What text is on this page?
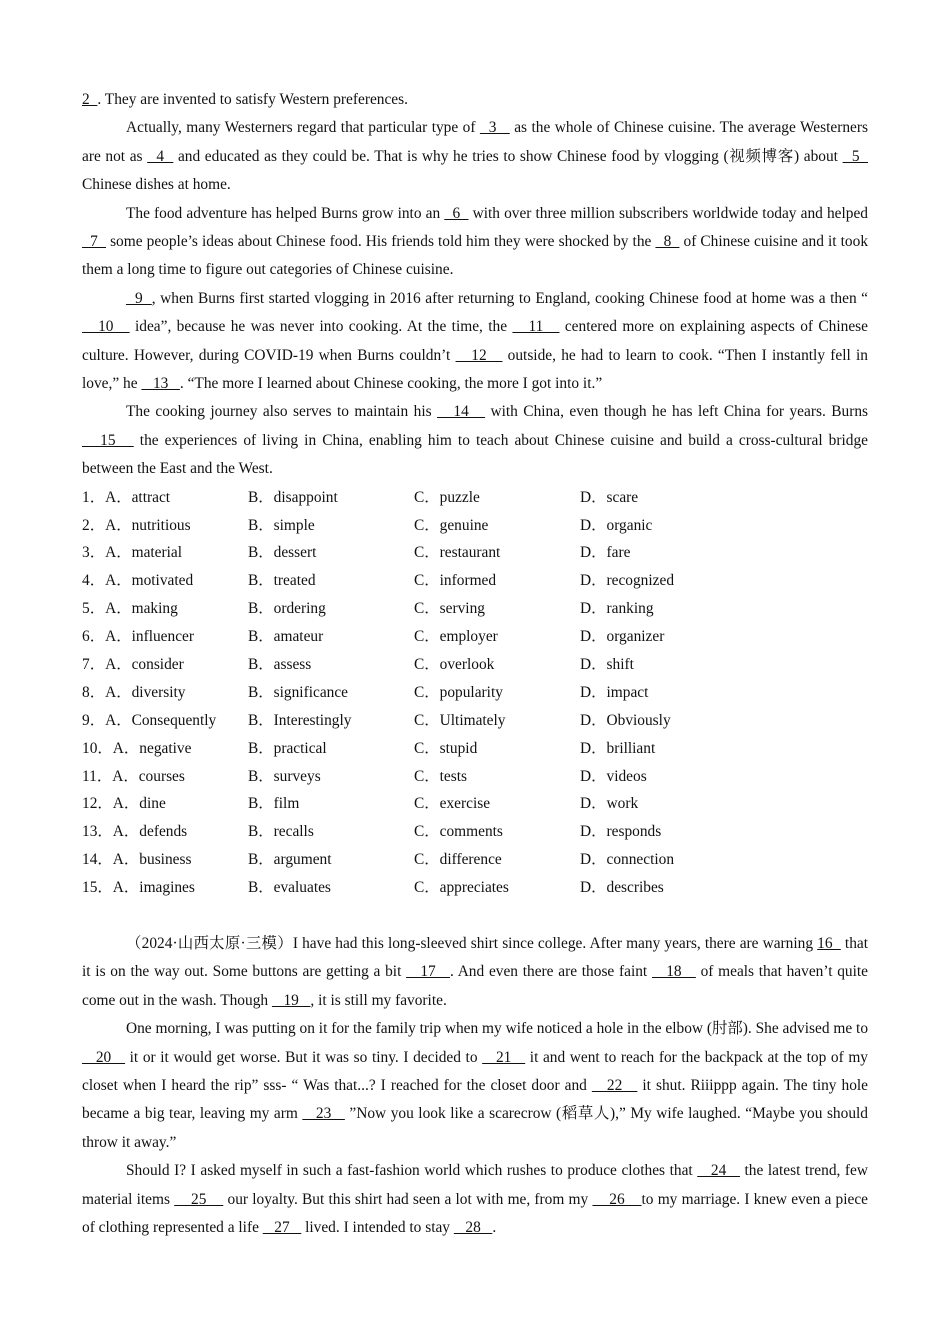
2  . They are invented to satisfy Western preferences.

Actually, many Westerners regard that particular type of   3    as the whole of Chinese cuisine. The average Westerners are not as   4   and educated as they could be. That is why he tries to show Chinese food by vlogging (视频博客) about   5   Chinese dishes at home.

The food adventure has helped Burns grow into an   6   with over three million subscribers worldwide today and helped   7   some people’s ideas about Chinese food. His friends told him they were shocked by the   8   of Chinese cuisine and it took them a long time to figure out categories of Chinese cuisine.

9  , when Burns first started vlogging in 2016 after returning to England, cooking Chinese food at home was a then “   10    idea”, because he was never into cooking. At the time, the    11    centered more on explaining aspects of Chinese culture. However, during COVID-19 when Burns couldn’t    12    outside, he had to learn to cook. “Then I instantly fell in love,” he    13   . “The more I learned about Chinese cooking, the more I got into it.”

The cooking journey also serves to maintain his    14    with China, even though he has left China for years. Burns    15    the experiences of living in China, enabling him to teach about Chinese cuisine and build a cross-cultural bridge between the East and the West.

1．A．attract	B．disappoint	C．puzzle	D．scare
2．A．nutritious	B．simple	C．genuine	D．organic
3．A．material	B．dessert	C．restaurant	D．fare
4．A．motivated	B．treated	C．informed	D．recognized
5．A．making	B．ordering	C．serving	D．ranking
6．A．influencer	B．amateur	C．employer	D．organizer
7．A．consider	B．assess	C．overlook	D．shift
8．A．diversity	B．significance	C．popularity	D．impact
9．A．Consequently	B．Interestingly	C．Ultimately	D．Obviously
10．A．negative	B．practical	C．stupid	D．brilliant
11．A．courses	B．surveys	C．tests	D．videos
12．A．dine	B．film	C．exercise	D．work
13．A．defends	B．recalls	C．comments	D．responds
14．A．business	B．argument	C．difference	D．connection
15．A．imagines	B．evaluates	C．appreciates	D．describes

（2024·山西太原·三模）I have had this long-sleeved shirt since college. After many years, there are warning 16   that it is on the way out. Some buttons are getting a bit    17   . And even there are those faint    18    of meals that haven’t quite come out in the wash. Though    19   , it is still my favorite.

One morning, I was putting on it for the family trip when my wife noticed a hole in the elbow (肘部). She advised me to    20    it or it would get worse. But it was so tiny. I decided to    21    it and went to reach for the backpack at the top of my closet when I heard the rip” sss- “ Was that...? I reached for the closet door and    22    it shut. Riiippp again. The tiny hole became a big tear, leaving my arm    23    ”Now you look like a scarecrow (稻草人),” My wife laughed. “Maybe you should throw it away.”

Should I? I asked myself in such a fast-fashion world which rushes to produce clothes that    24    the latest trend, few material items     25     our loyalty. But this shirt had seen a lot with me, from my     26    to my marriage. I knew even a piece of clothing represented a life    27    lived. I intended to stay    28   .
